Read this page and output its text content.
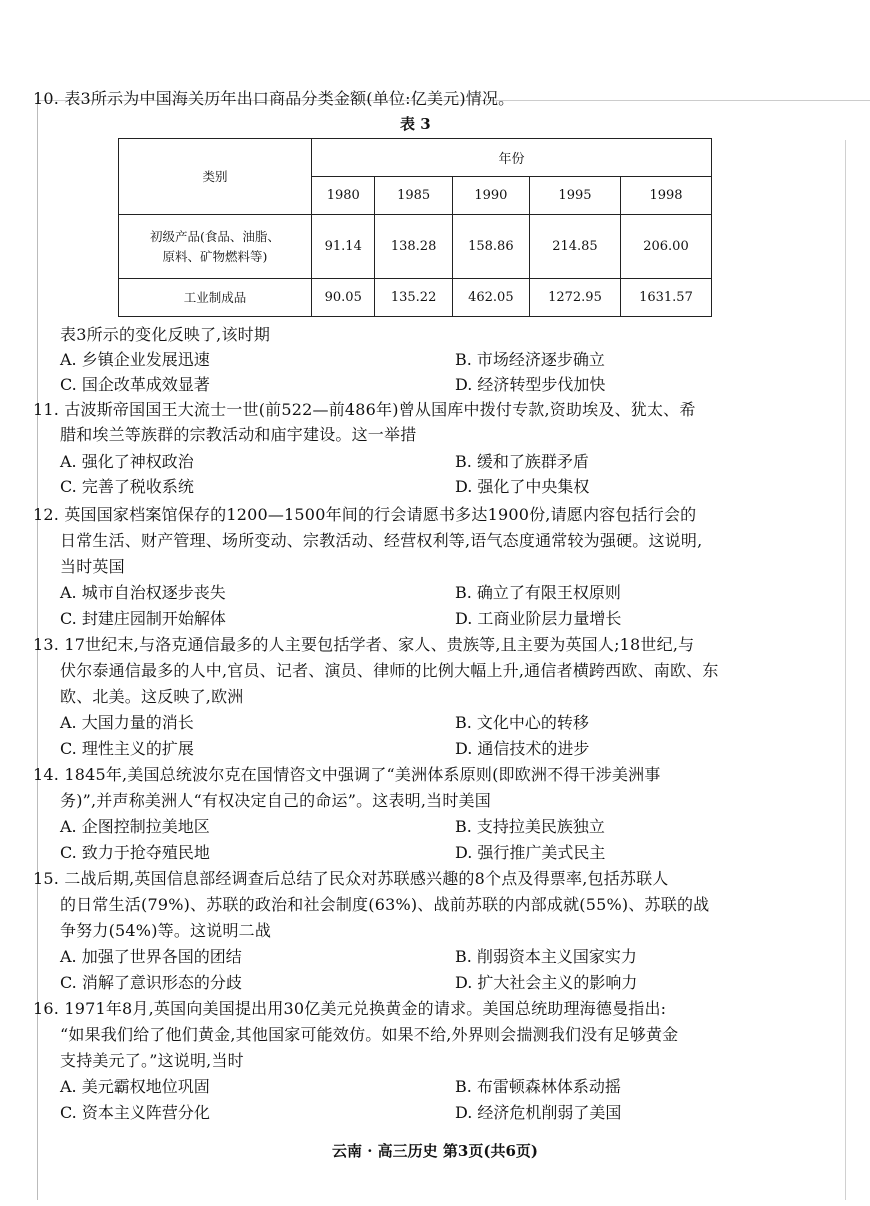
10. 表3所示为中国海关历年出口商品分类金额(单位:亿美元)情况。
表 3
类别	年份				
	1980	1985	1990	1995	1998

初级产品(食品、油脂、
原料、矿物燃料等)	91.14	138.28	158.86	214.85	206.00
工业制成品	90.05	135.22	462.05	1272.95	1631.57
表3所示的变化反映了,该时期
A. 乡镇企业发展迅速	B. 市场经济逐步确立
C. 国企改革成效显著	D. 经济转型步伐加快
11. 古波斯帝国国王大流士一世(前522—前486年)曾从国库中拨付专款,资助埃及、犹太、希
腊和埃兰等族群的宗教活动和庙宇建设。这一举措
A. 强化了神权政治	B. 缓和了族群矛盾
C. 完善了税收系统	D. 强化了中央集权
12. 英国国家档案馆保存的1200—1500年间的行会请愿书多达1900份,请愿内容包括行会的
日常生活、财产管理、场所变动、宗教活动、经营权利等,语气态度通常较为强硬。这说明,
当时英国
A. 城市自治权逐步丧失	B. 确立了有限王权原则
C. 封建庄园制开始解体	D. 工商业阶层力量增长
13. 17世纪末,与洛克通信最多的人主要包括学者、家人、贵族等,且主要为英国人;18世纪,与
伏尔泰通信最多的人中,官员、记者、演员、律师的比例大幅上升,通信者横跨西欧、南欧、东
欧、北美。这反映了,欧洲
A. 大国力量的消长	B. 文化中心的转移
C. 理性主义的扩展	D. 通信技术的进步
14. 1845年,美国总统波尔克在国情咨文中强调了“美洲体系原则(即欧洲不得干涉美洲事
务)”,并声称美洲人“有权决定自己的命运”。这表明,当时美国
A. 企图控制拉美地区	B. 支持拉美民族独立
C. 致力于抢夺殖民地	D. 强行推广美式民主
15. 二战后期,英国信息部经调查后总结了民众对苏联感兴趣的8个点及得票率,包括苏联人
的日常生活(79%)、苏联的政治和社会制度(63%)、战前苏联的内部成就(55%)、苏联的战
争努力(54%)等。这说明二战
A. 加强了世界各国的团结	B. 削弱资本主义国家实力
C. 消解了意识形态的分歧	D. 扩大社会主义的影响力
16. 1971年8月,英国向美国提出用30亿美元兑换黄金的请求。美国总统助理海德曼指出:
“如果我们给了他们黄金,其他国家可能效仿。如果不给,外界则会揣测我们没有足够黄金
支持美元了。”这说明,当时
A. 美元霸权地位巩固	B. 布雷顿森林体系动摇
C. 资本主义阵营分化	D. 经济危机削弱了美国
云南 · 高三历史 第3页(共6页)
